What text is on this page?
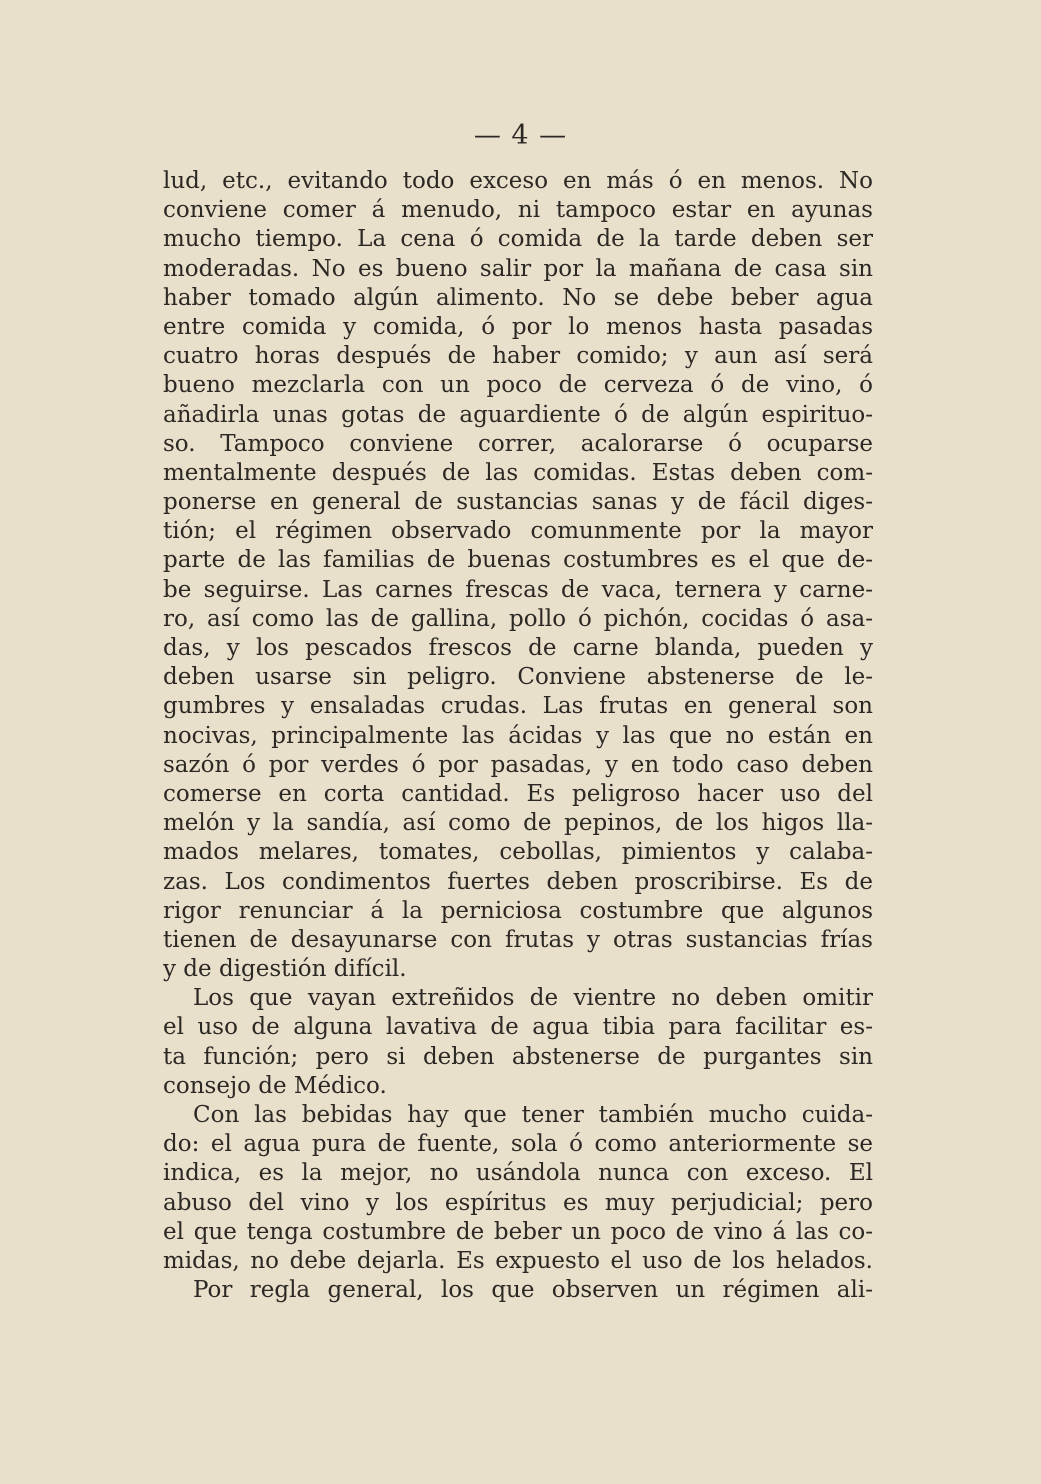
— 4 —

lud, etc., evitando todo exceso en más ó en menos. No

conviene comer á menudo, ni tampoco estar en ayunas

mucho tiempo. La cena ó comida de la tarde deben ser

moderadas. No es bueno salir por la mañana de casa sin

haber tomado algún alimento. No se debe beber agua

entre comida y comida, ó por lo menos hasta pasadas

cuatro horas después de haber comido; y aun así será

bueno mezclarla con un poco de cerveza ó de vino, ó

añadirla unas gotas de aguardiente ó de algún espirituo-

so. Tampoco conviene correr, acalorarse ó ocuparse

mentalmente después de las comidas. Estas deben com-

ponerse en general de sustancias sanas y de fácil diges-

tión; el régimen observado comunmente por la mayor

parte de las familias de buenas costumbres es el que de-

be seguirse. Las carnes frescas de vaca, ternera y carne-

ro, así como las de gallina, pollo ó pichón, cocidas ó asa-

das, y los pescados frescos de carne blanda, pueden y

deben usarse sin peligro. Conviene abstenerse de le-

gumbres y ensaladas crudas. Las frutas en general son

nocivas, principalmente las ácidas y las que no están en

sazón ó por verdes ó por pasadas, y en todo caso deben

comerse en corta cantidad. Es peligroso hacer uso del

melón y la sandía, así como de pepinos, de los higos lla-

mados melares, tomates, cebollas, pimientos y calaba-

zas. Los condimentos fuertes deben proscribirse. Es de

rigor renunciar á la perniciosa costumbre que algunos

tienen de desayunarse con frutas y otras sustancias frías

y de digestión difícil.

Los que vayan extreñidos de vientre no deben omitir

el uso de alguna lavativa de agua tibia para facilitar es-

ta función; pero si deben abstenerse de purgantes sin

consejo de Médico.

Con las bebidas hay que tener también mucho cuida-

do: el agua pura de fuente, sola ó como anteriormente se

indica, es la mejor, no usándola nunca con exceso. El

abuso del vino y los espíritus es muy perjudicial; pero

el que tenga costumbre de beber un poco de vino á las co-

midas, no debe dejarla. Es expuesto el uso de los helados.

Por regla general, los que observen un régimen ali-
